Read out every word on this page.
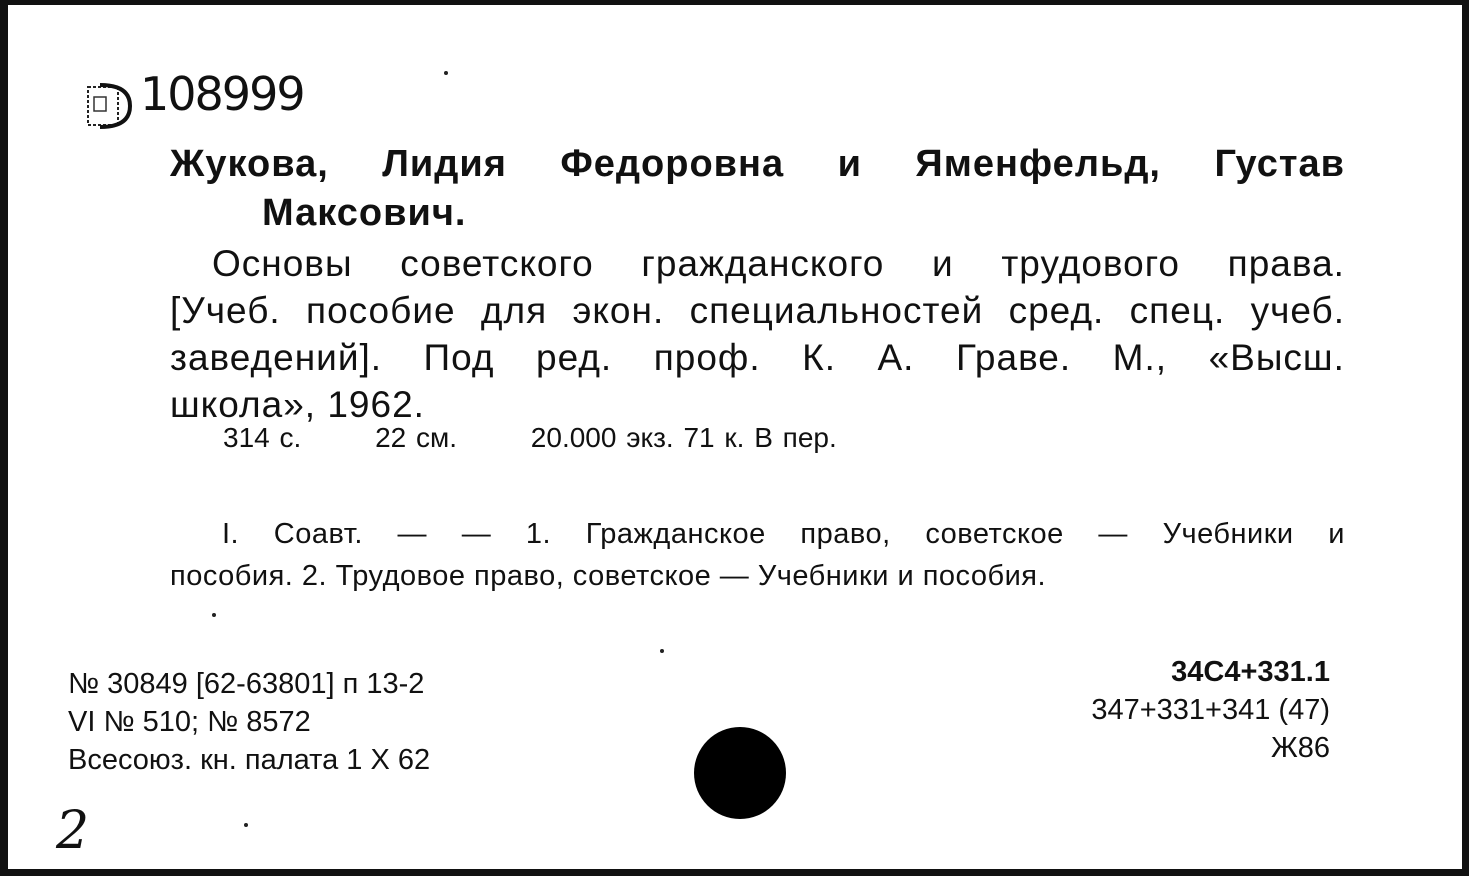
108999
Жукова, Лидия Федоровна и Яменфельд, Густав
Максович.
Основы советского гражданского и трудового права.
[Учеб. пособие для экон. специальностей сред. спец. учеб.
заведений]. Под ред. проф. К. А. Граве. М., «Высш.
школа», 1962.
314 с.	22 см.	20.000 экз. 71 к. В пер.
I. Соавт. — — 1. Гражданское право, советское — Учебники и
пособия. 2. Трудовое право, советское — Учебники и пособия.
№ 30849 [62-63801] п 13-2
VI № 510; № 8572
Всесоюз. кн. палата 1 X 62
34С4+331.1
347+331+341 (47)
Ж86
2
